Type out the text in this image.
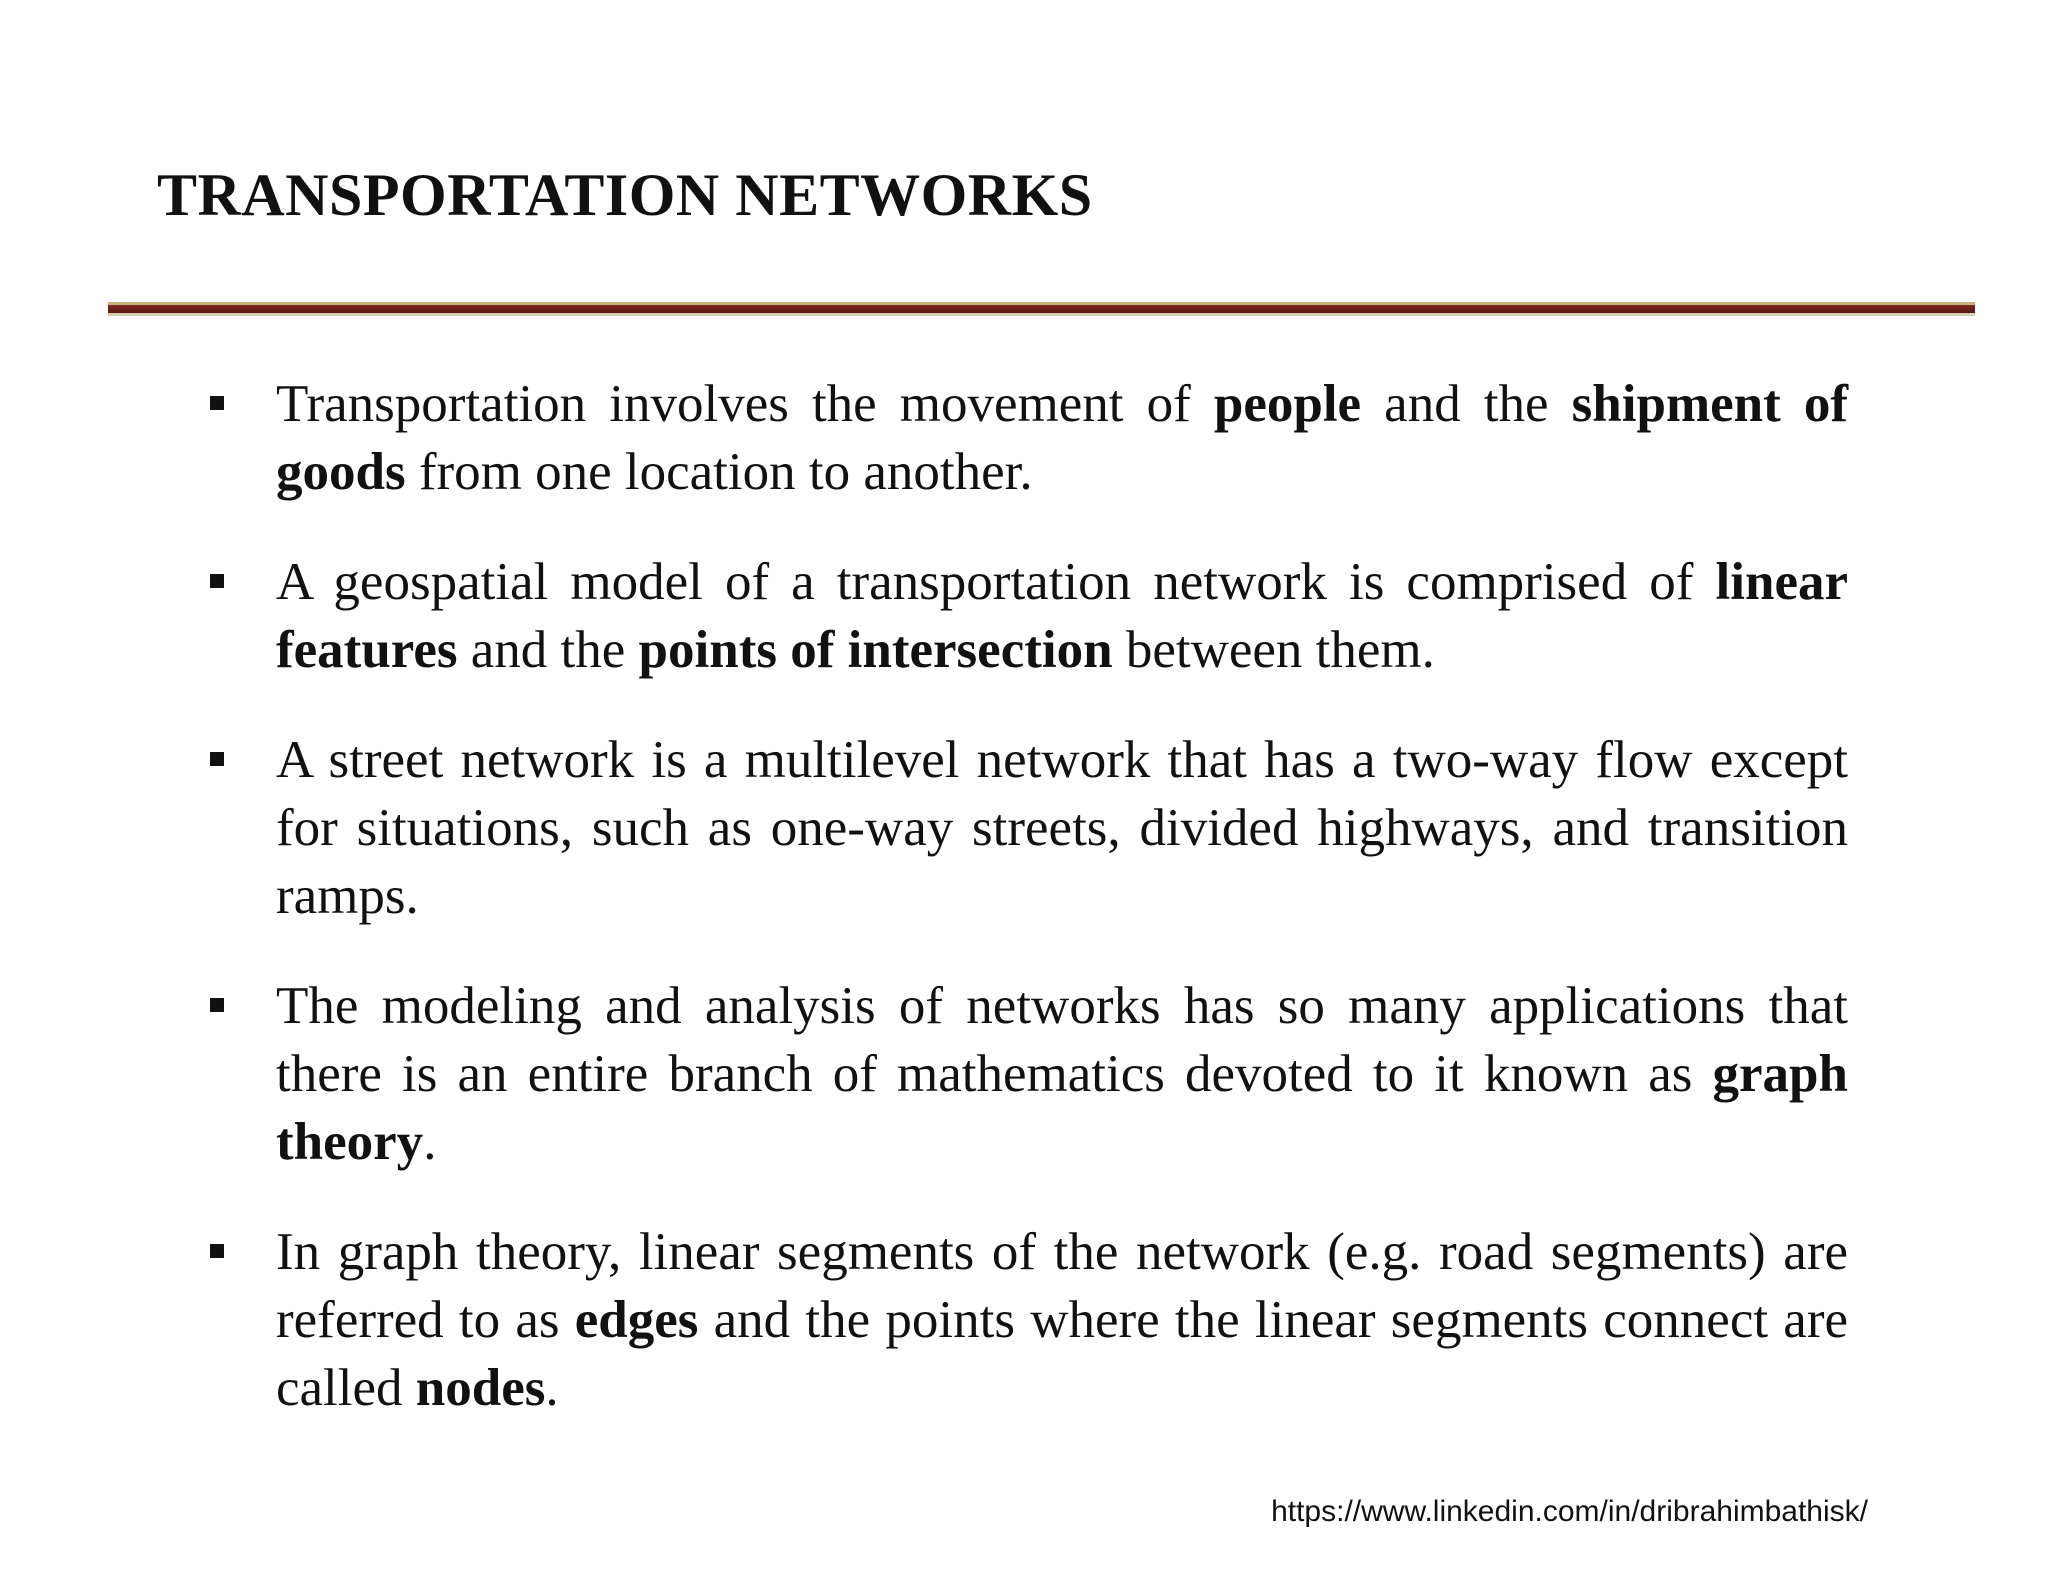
TRANSPORTATION NETWORKS
Transportation involves the movement of people and the shipment of goods from one location to another.
A geospatial model of a transportation network is comprised of linear features and the points of intersection between them.
A street network is a multilevel network that has a two-way flow except for situations, such as one-way streets, divided highways, and transition ramps.
The modeling and analysis of networks has so many applications that there is an entire branch of mathematics devoted to it known as graph theory.
In graph theory, linear segments of the network (e.g. road segments) are referred to as edges and the points where the linear segments connect are called nodes.
https://www.linkedin.com/in/dribrahimbathisk/
